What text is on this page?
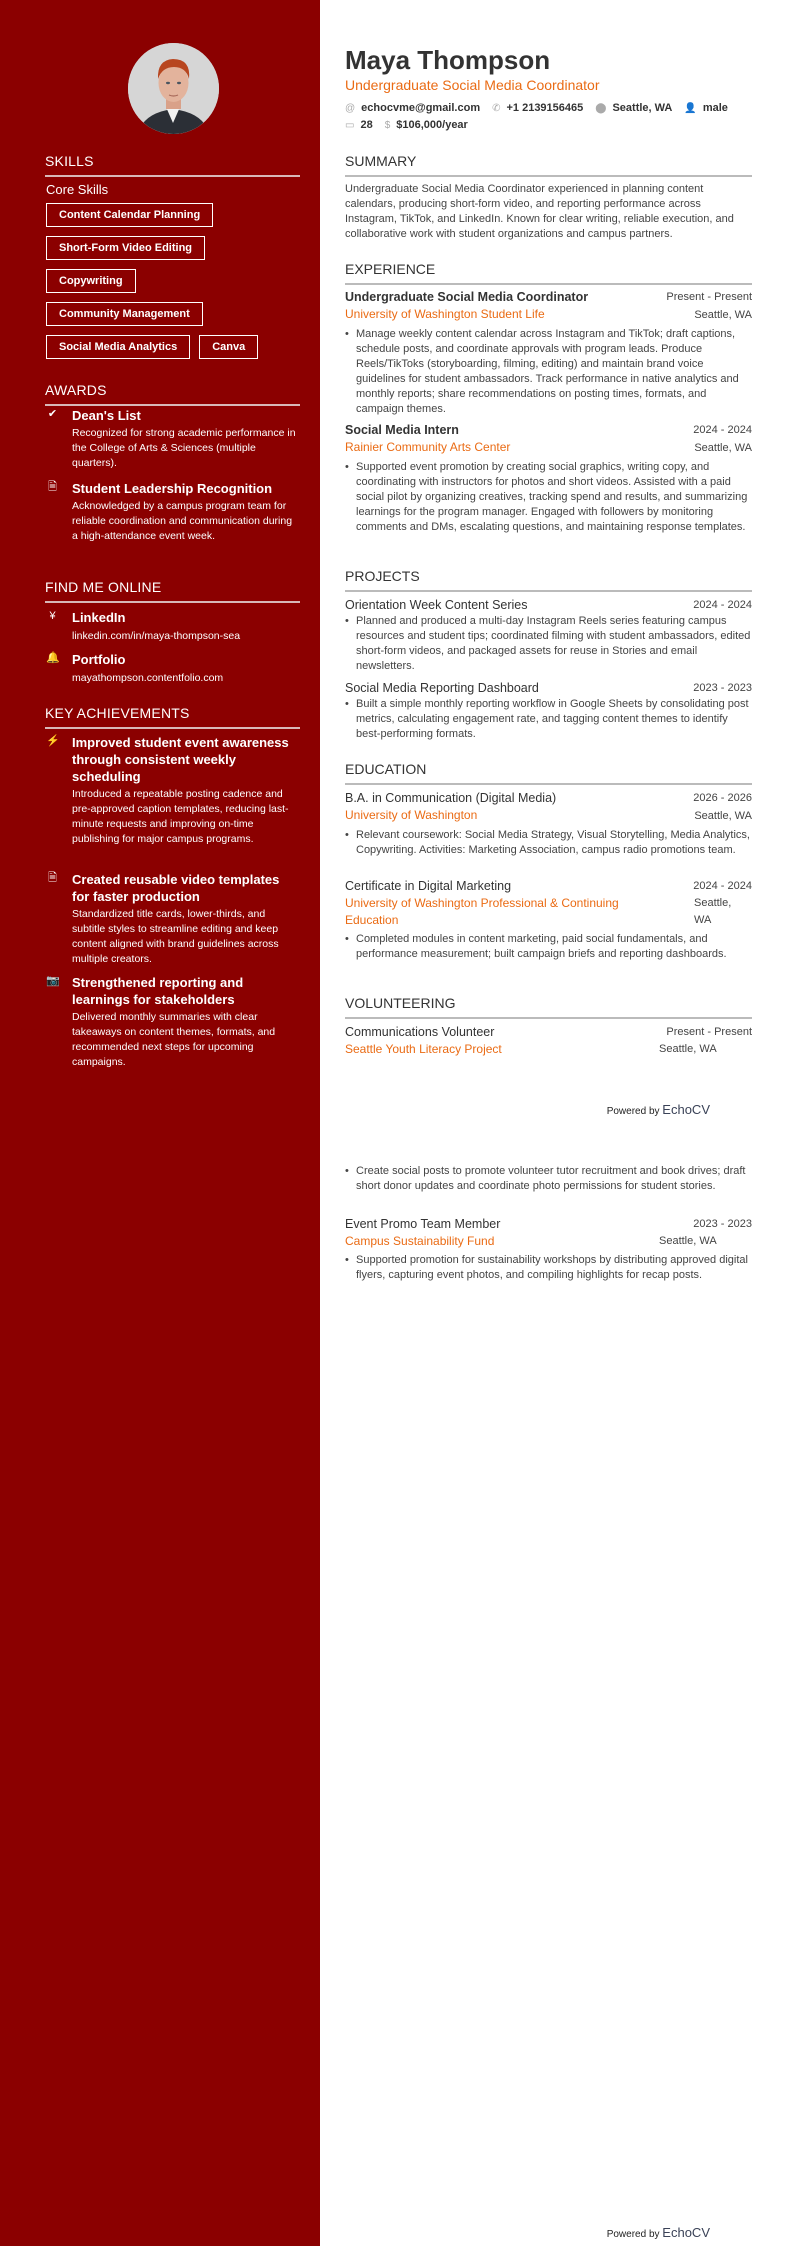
SKILLS
Core Skills
Content Calendar Planning
Short-Form Video Editing
Copywriting
Community Management
Social Media Analytics	Canva
AWARDS
✔ Dean's List
Recognized for strong academic performance in the College of Arts & Sciences (multiple quarters).
🗎 Student Leadership Recognition
Acknowledged by a campus program team for reliable coordination and communication during a high-attendance event week.
FIND ME ONLINE
¥ LinkedIn
linkedin.com/in/maya-thompson-sea
🔔 Portfolio
mayathompson.contentfolio.com
KEY ACHIEVEMENTS
⚡ Improved student event awareness through consistent weekly scheduling
Introduced a repeatable posting cadence and pre-approved caption templates, reducing last-minute requests and improving on-time publishing for major campus programs.
🗎 Created reusable video templates for faster production
Standardized title cards, lower-thirds, and subtitle styles to streamline editing and keep content aligned with brand guidelines across multiple creators.
📷 Strengthened reporting and learnings for stakeholders
Delivered monthly summaries with clear takeaways on content themes, formats, and recommended next steps for upcoming campaigns.
Maya Thompson
Undergraduate Social Media Coordinator
@ echocvme@gmail.com ✆ +1 2139156465 ⬤ Seattle, WA 👤 male
▭ 28 $ $106,000/year
SUMMARY
Undergraduate Social Media Coordinator experienced in planning content calendars, producing short-form video, and reporting performance across Instagram, TikTok, and LinkedIn. Known for clear writing, reliable execution, and collaborative work with student organizations and campus partners.
EXPERIENCE
Undergraduate Social Media Coordinator	Present - Present
University of Washington Student Life	Seattle, WA
• Manage weekly content calendar across Instagram and TikTok; draft captions, schedule posts, and coordinate approvals with program leads. Produce Reels/TikToks (storyboarding, filming, editing) and maintain brand voice guidelines for student ambassadors. Track performance in native analytics and monthly reports; share recommendations on posting times, formats, and campaign themes.
Social Media Intern	2024 - 2024
Rainier Community Arts Center	Seattle, WA
• Supported event promotion by creating social graphics, writing copy, and coordinating with instructors for photos and short videos. Assisted with a paid social pilot by organizing creatives, tracking spend and results, and summarizing learnings for the program manager. Engaged with followers by monitoring comments and DMs, escalating questions, and maintaining response templates.
PROJECTS
Orientation Week Content Series	2024 - 2024
• Planned and produced a multi-day Instagram Reels series featuring campus resources and student tips; coordinated filming with student ambassadors, edited short-form videos, and packaged assets for reuse in Stories and email newsletters.
Social Media Reporting Dashboard	2023 - 2023
• Built a simple monthly reporting workflow in Google Sheets by consolidating post metrics, calculating engagement rate, and tagging content themes to identify best-performing formats.
EDUCATION
B.A. in Communication (Digital Media)	2026 - 2026
University of Washington	Seattle, WA
• Relevant coursework: Social Media Strategy, Visual Storytelling, Media Analytics, Copywriting. Activities: Marketing Association, campus radio promotions team.
Certificate in Digital Marketing	2024 - 2024
University of Washington Professional & Continuing Education
Seattle, WA
• Completed modules in content marketing, paid social fundamentals, and performance measurement; built campaign briefs and reporting dashboards.
VOLUNTEERING
Communications Volunteer	Present - Present
Seattle Youth Literacy Project	Seattle, WA
Powered by EchoCV
• Create social posts to promote volunteer tutor recruitment and book drives; draft short donor updates and coordinate photo permissions for student stories.
Event Promo Team Member	2023 - 2023
Campus Sustainability Fund	Seattle, WA
• Supported promotion for sustainability workshops by distributing approved digital flyers, capturing event photos, and compiling highlights for recap posts.
Powered by EchoCV
